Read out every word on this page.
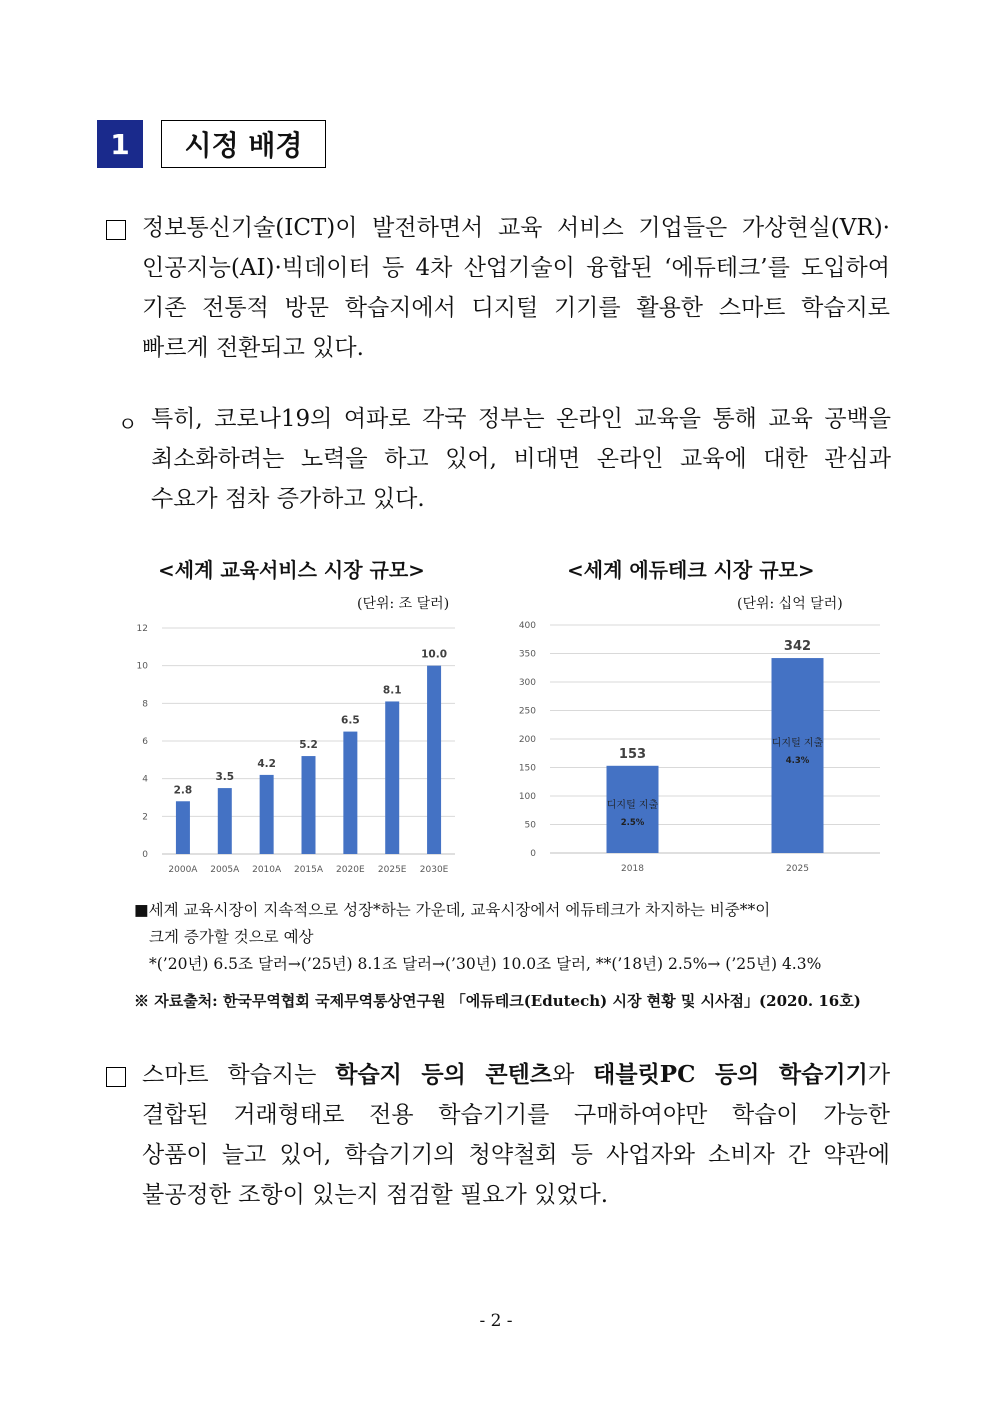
1	시정 배경
정보통신기술(ICT)이 발전하면서 교육 서비스 기업들은 가상현실(VR)·
인공지능(AI)·빅데이터 등 4차 산업기술이 융합된 ‘에듀테크’를 도입하여
기존 전통적 방문 학습지에서 디지털 기기를 활용한 스마트 학습지로
빠르게 전환되고 있다.
ㅇ 특히, 코로나19의 여파로 각국 정부는 온라인 교육을 통해 교육 공백을
최소화하려는 노력을 하고 있어, 비대면 온라인 교육에 대한 관심과
수요가 점차 증가하고 있다.
<세계 교육서비스 시장 규모>
(단위: 조 달러)
<세계 에듀테크 시장 규모>
(단위: 십억 달러)
0
2
4
6
8
10
12
2.8
2000A
3.5
2005A
4.2
2010A
5.2
2015A
6.5
2020E
8.1
2025E
10.0
2030E
0
50
100
150
200
250
300
350
400
153
2018
디지털 지출
2.5%
342
2025
디지털 지출
4.3%
■세계 교육시장이 지속적으로 성장*하는 가운데, 교육시장에서 에듀테크가 차지하는 비중**이
크게 증가할 것으로 예상
*(’20년) 6.5조 달러→(’25년) 8.1조 달러→(’30년) 10.0조 달러, **(’18년) 2.5%→ (’25년) 4.3%
※ 자료출처: 한국무역협회 국제무역통상연구원 「에듀테크(Edutech) 시장 현황 및 시사점」(2020. 16호)
스마트 학습지는 학습지 등의 콘텐츠와 태블릿PC 등의 학습기기가
결합된 거래형태로 전용 학습기기를 구매하여야만 학습이 가능한
상품이 늘고 있어, 학습기기의 청약철회 등 사업자와 소비자 간 약관에
불공정한 조항이 있는지 점검할 필요가 있었다.
- 2 -
